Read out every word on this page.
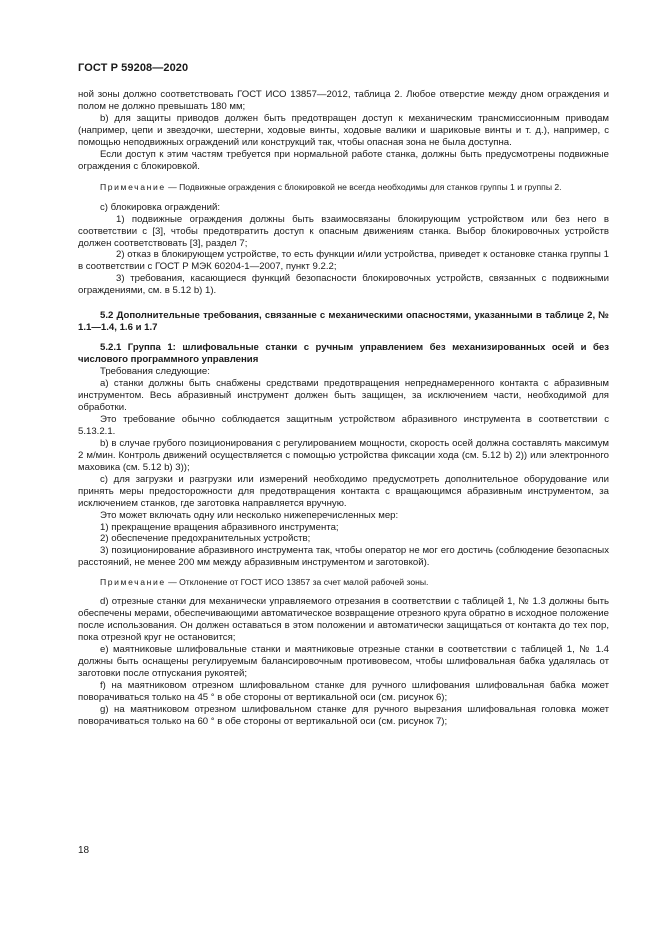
ГОСТ Р 59208—2020

ной зоны должно соответствовать ГОСТ ИСО 13857—2012, таблица 2. Любое отверстие между дном ограждения и полом не должно превышать 180 мм;

b) для защиты приводов должен быть предотвращен доступ к механическим трансмиссионным приводам (например, цепи и звездочки, шестерни, ходовые винты, ходовые валики и шариковые винты и т. д.), например, с помощью неподвижных ограждений или конструкций так, чтобы опасная зона не была доступна.

Если доступ к этим частям требуется при нормальной работе станка, должны быть предусмотрены подвижные ограждения с блокировкой.

Примечание — Подвижные ограждения с блокировкой не всегда необходимы для станков группы 1 и группы 2.

c) блокировка ограждений:

1) подвижные ограждения должны быть взаимосвязаны блокирующим устройством или без него в соответствии с [3], чтобы предотвратить доступ к опасным движениям станка. Выбор блокировочных устройств должен соответствовать [3], раздел 7;

2) отказ в блокирующем устройстве, то есть функции и/или устройства, приведет к остановке станка группы 1 в соответствии с ГОСТ Р МЭК 60204-1—2007, пункт 9.2.2;

3) требования, касающиеся функций безопасности блокировочных устройств, связанных с подвижными ограждениями, см. в 5.12 b) 1).

5.2 Дополнительные требования, связанные с механическими опасностями, указанными в таблице 2, № 1.1—1.4, 1.6 и 1.7

5.2.1 Группа 1: шлифовальные станки с ручным управлением без механизированных осей и без числового программного управления

Требования следующие:

a) станки должны быть снабжены средствами предотвращения непреднамеренного контакта с абразивным инструментом. Весь абразивный инструмент должен быть защищен, за исключением части, необходимой для обработки.

Это требование обычно соблюдается защитным устройством абразивного инструмента в соответствии с 5.13.2.1.

b) в случае грубого позиционирования с регулированием мощности, скорость осей должна составлять максимум 2 м/мин. Контроль движений осуществляется с помощью устройства фиксации хода (см. 5.12 b) 2)) или электронного маховика (см. 5.12 b) 3));

c) для загрузки и разгрузки или измерений необходимо предусмотреть дополнительное оборудование или принять меры предосторожности для предотвращения контакта с вращающимся абразивным инструментом, за исключением станков, где заготовка направляется вручную.

Это может включать одну или несколько нижеперечисленных мер:

1) прекращение вращения абразивного инструмента;

2) обеспечение предохранительных устройств;

3) позиционирование абразивного инструмента так, чтобы оператор не мог его достичь (соблюдение безопасных расстояний, не менее 200 мм между абразивным инструментом и заготовкой).

Примечание — Отклонение от ГОСТ ИСО 13857 за счет малой рабочей зоны.

d) отрезные станки для механически управляемого отрезания в соответствии с таблицей 1, № 1.3 должны быть обеспечены мерами, обеспечивающими автоматическое возвращение отрезного круга обратно в исходное положение после использования. Он должен оставаться в этом положении и автоматически защищаться от контакта до тех пор, пока отрезной круг не остановится;

e) маятниковые шлифовальные станки и маятниковые отрезные станки в соответствии с таблицей 1, № 1.4 должны быть оснащены регулируемым балансировочным противовесом, чтобы шлифовальная бабка удалялась от заготовки после отпускания рукоятей;

f) на маятниковом отрезном шлифовальном станке для ручного шлифования шлифовальная бабка может поворачиваться только на 45 ° в обе стороны от вертикальной оси (см. рисунок 6);

g) на маятниковом отрезном шлифовальном станке для ручного вырезания шлифовальная головка может поворачиваться только на 60 ° в обе стороны от вертикальной оси (см. рисунок 7);

18
